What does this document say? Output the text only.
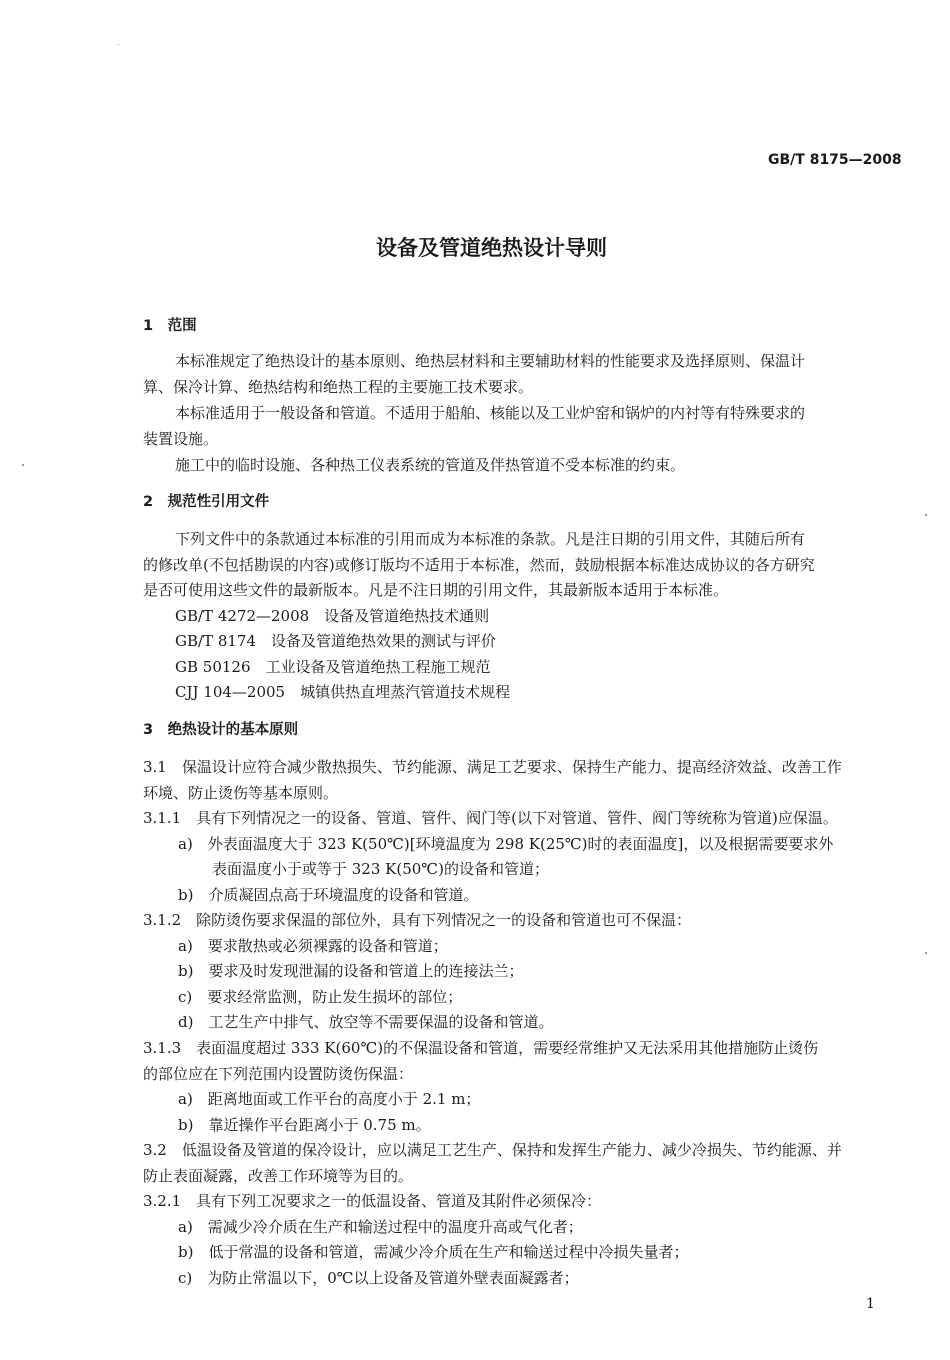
GB/T 8175—2008
设备及管道绝热设计导则
1　范围
本标准规定了绝热设计的基本原则、绝热层材料和主要辅助材料的性能要求及选择原则、保温计
算、保冷计算、绝热结构和绝热工程的主要施工技术要求。
本标准适用于一般设备和管道。不适用于船舶、核能以及工业炉窑和锅炉的内衬等有特殊要求的
装置设施。
施工中的临时设施、各种热工仪表系统的管道及伴热管道不受本标准的约束。
2　规范性引用文件
下列文件中的条款通过本标准的引用而成为本标准的条款。凡是注日期的引用文件，其随后所有
的修改单(不包括勘误的内容)或修订版均不适用于本标准，然而，鼓励根据本标准达成协议的各方研究
是否可使用这些文件的最新版本。凡是不注日期的引用文件，其最新版本适用于本标准。
GB/T 4272—2008　设备及管道绝热技术通则
GB/T 8174　设备及管道绝热效果的测试与评价
GB 50126　工业设备及管道绝热工程施工规范
CJJ 104—2005　城镇供热直埋蒸汽管道技术规程
3　绝热设计的基本原则
3.1　保温设计应符合减少散热损失、节约能源、满足工艺要求、保持生产能力、提高经济效益、改善工作
环境、防止烫伤等基本原则。
3.1.1　具有下列情况之一的设备、管道、管件、阀门等(以下对管道、管件、阀门等统称为管道)应保温。
a)　外表面温度大于 323 K(50℃)[环境温度为 298 K(25℃)时的表面温度]，以及根据需要要求外
表面温度小于或等于 323 K(50℃)的设备和管道；
b)　介质凝固点高于环境温度的设备和管道。
3.1.2　除防烫伤要求保温的部位外，具有下列情况之一的设备和管道也可不保温：
a)　要求散热或必须裸露的设备和管道；
b)　要求及时发现泄漏的设备和管道上的连接法兰；
c)　要求经常监测，防止发生损坏的部位；
d)　工艺生产中排气、放空等不需要保温的设备和管道。
3.1.3　表面温度超过 333 K(60℃)的不保温设备和管道，需要经常维护又无法采用其他措施防止烫伤
的部位应在下列范围内设置防烫伤保温：
a)　距离地面或工作平台的高度小于 2.1 m；
b)　靠近操作平台距离小于 0.75 m。
3.2　低温设备及管道的保冷设计，应以满足工艺生产、保持和发挥生产能力、减少冷损失、节约能源、并
防止表面凝露，改善工作环境等为目的。
3.2.1　具有下列工况要求之一的低温设备、管道及其附件必须保冷：
a)　需减少冷介质在生产和输送过程中的温度升高或气化者；
b)　低于常温的设备和管道，需减少冷介质在生产和输送过程中冷损失量者；
c)　为防止常温以下，0℃以上设备及管道外壁表面凝露者；
1
